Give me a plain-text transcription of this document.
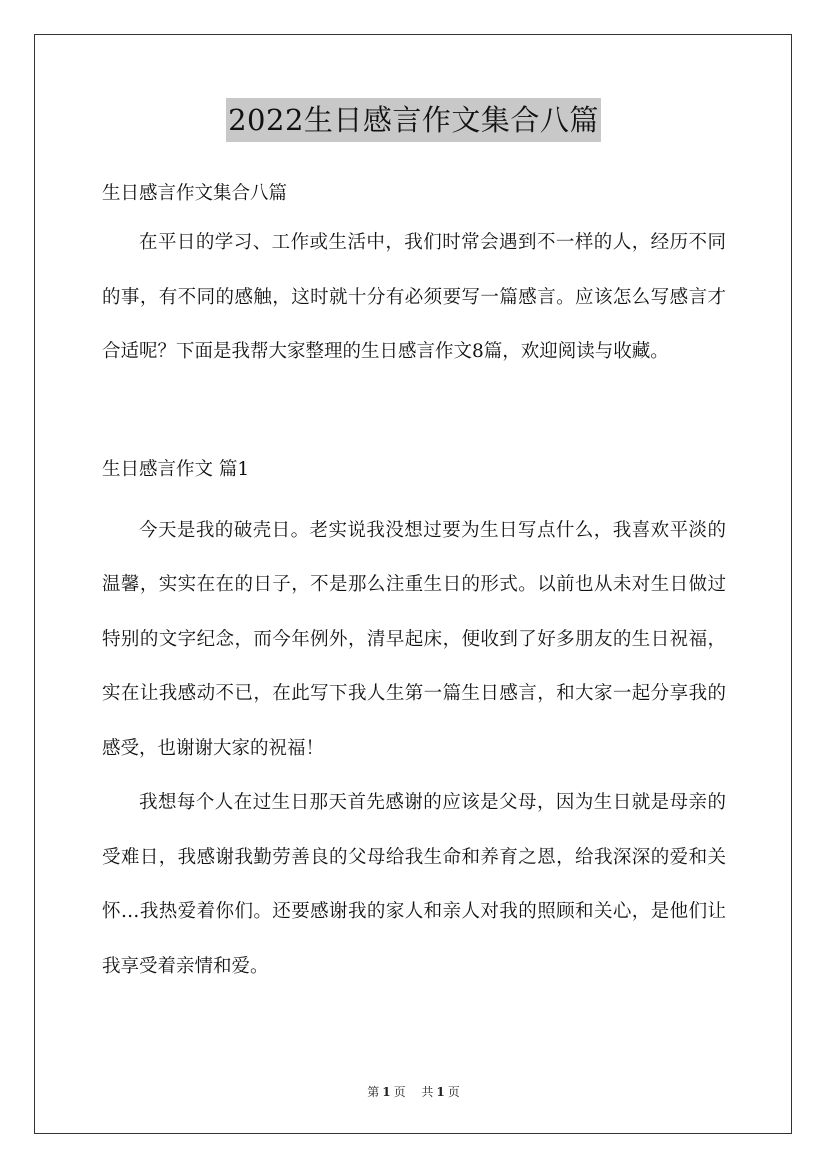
2022生日感言作文集合八篇
生日感言作文集合八篇

在平日的学习、工作或生活中，我们时常会遇到不一样的人，经历不同的事，有不同的感触，这时就十分有必须要写一篇感言。应该怎么写感言才合适呢？下面是我帮大家整理的生日感言作文8篇，欢迎阅读与收藏。

生日感言作文 篇1

今天是我的破壳日。老实说我没想过要为生日写点什么，我喜欢平淡的温馨，实实在在的日子，不是那么注重生日的形式。以前也从未对生日做过特别的文字纪念，而今年例外，清早起床，便收到了好多朋友的生日祝福，实在让我感动不已，在此写下我人生第一篇生日感言，和大家一起分享我的感受，也谢谢大家的祝福！

我想每个人在过生日那天首先感谢的应该是父母，因为生日就是母亲的受难日，我感谢我勤劳善良的父母给我生命和养育之恩，给我深深的爱和关怀…我热爱着你们。还要感谢我的家人和亲人对我的照顾和关心，是他们让我享受着亲情和爱。

第 1 页 共 1 页
